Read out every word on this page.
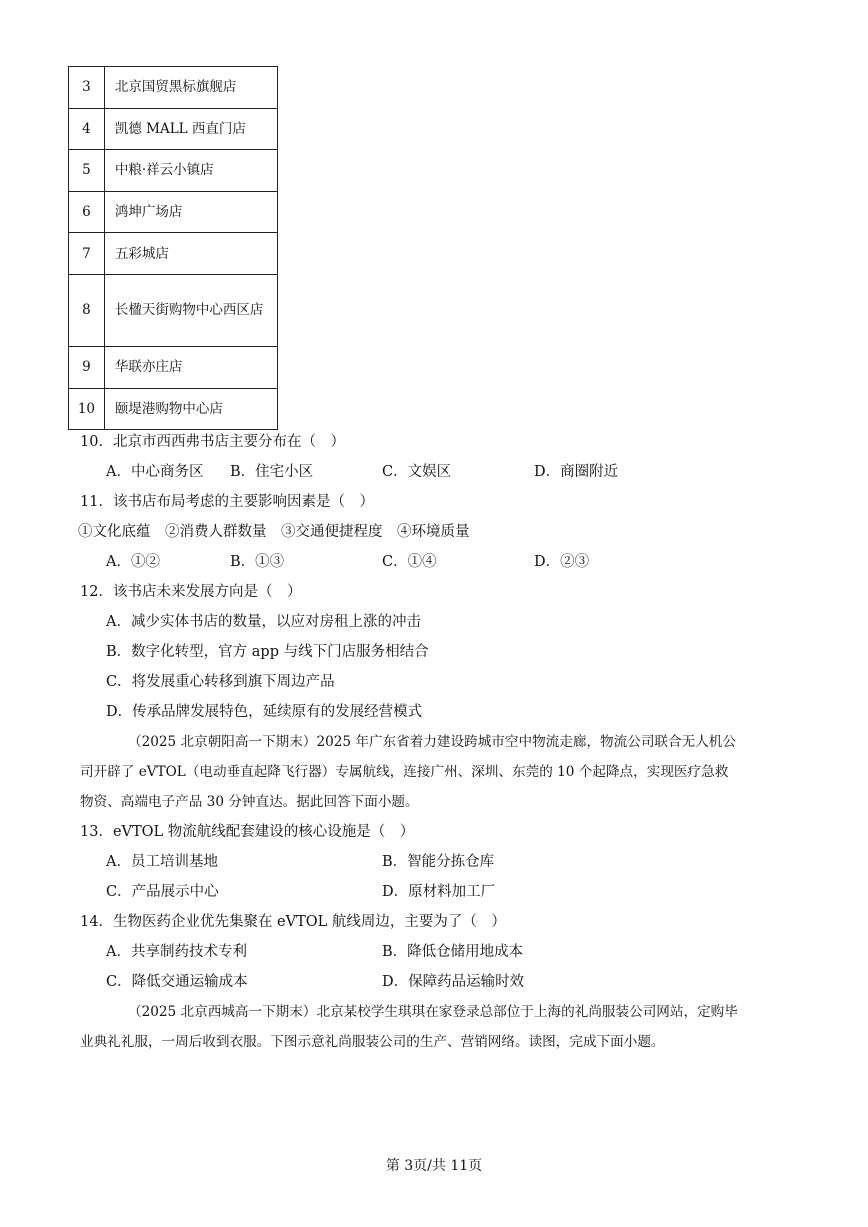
3	北京国贸黑标旗舰店
4	凯德 MALL 西直门店
5	中粮·祥云小镇店
6	鸿坤广场店
7	五彩城店
8	长楹天街购物中心西区店
9	华联亦庄店
10	颐堤港购物中心店
10．北京市西西弗书店主要分布在（　）
A．中心商务区 B．住宅小区	C．文娱区	D．商圈附近
11．该书店布局考虑的主要影响因素是（　）
①文化底蕴　②消费人群数量　③交通便捷程度　④环境质量
A．①②	B．①③	C．①④	D．②③
12．该书店未来发展方向是（　）
A．减少实体书店的数量，以应对房租上涨的冲击
B．数字化转型，官方 app 与线下门店服务相结合
C．将发展重心转移到旗下周边产品
D．传承品牌发展特色，延续原有的发展经营模式
（2025 北京朝阳高一下期末）2025 年广东省着力建设跨城市空中物流走廊，物流公司联合无人机公
司开辟了 eVTOL（电动垂直起降飞行器）专属航线，连接广州、深圳、东莞的 10 个起降点，实现医疗急救
物资、高端电子产品 30 分钟直达。据此回答下面小题。
13．eVTOL 物流航线配套建设的核心设施是（　）
A．员工培训基地	B．智能分拣仓库
C．产品展示中心	D．原材料加工厂
14．生物医药企业优先集聚在 eVTOL 航线周边，主要为了（　）
A．共享制药技术专利	B．降低仓储用地成本
C．降低交通运输成本	D．保障药品运输时效
（2025 北京西城高一下期末）北京某校学生琪琪在家登录总部位于上海的礼尚服装公司网站，定购毕
业典礼礼服，一周后收到衣服。下图示意礼尚服装公司的生产、营销网络。读图，完成下面小题。
第 3页/共 11页
